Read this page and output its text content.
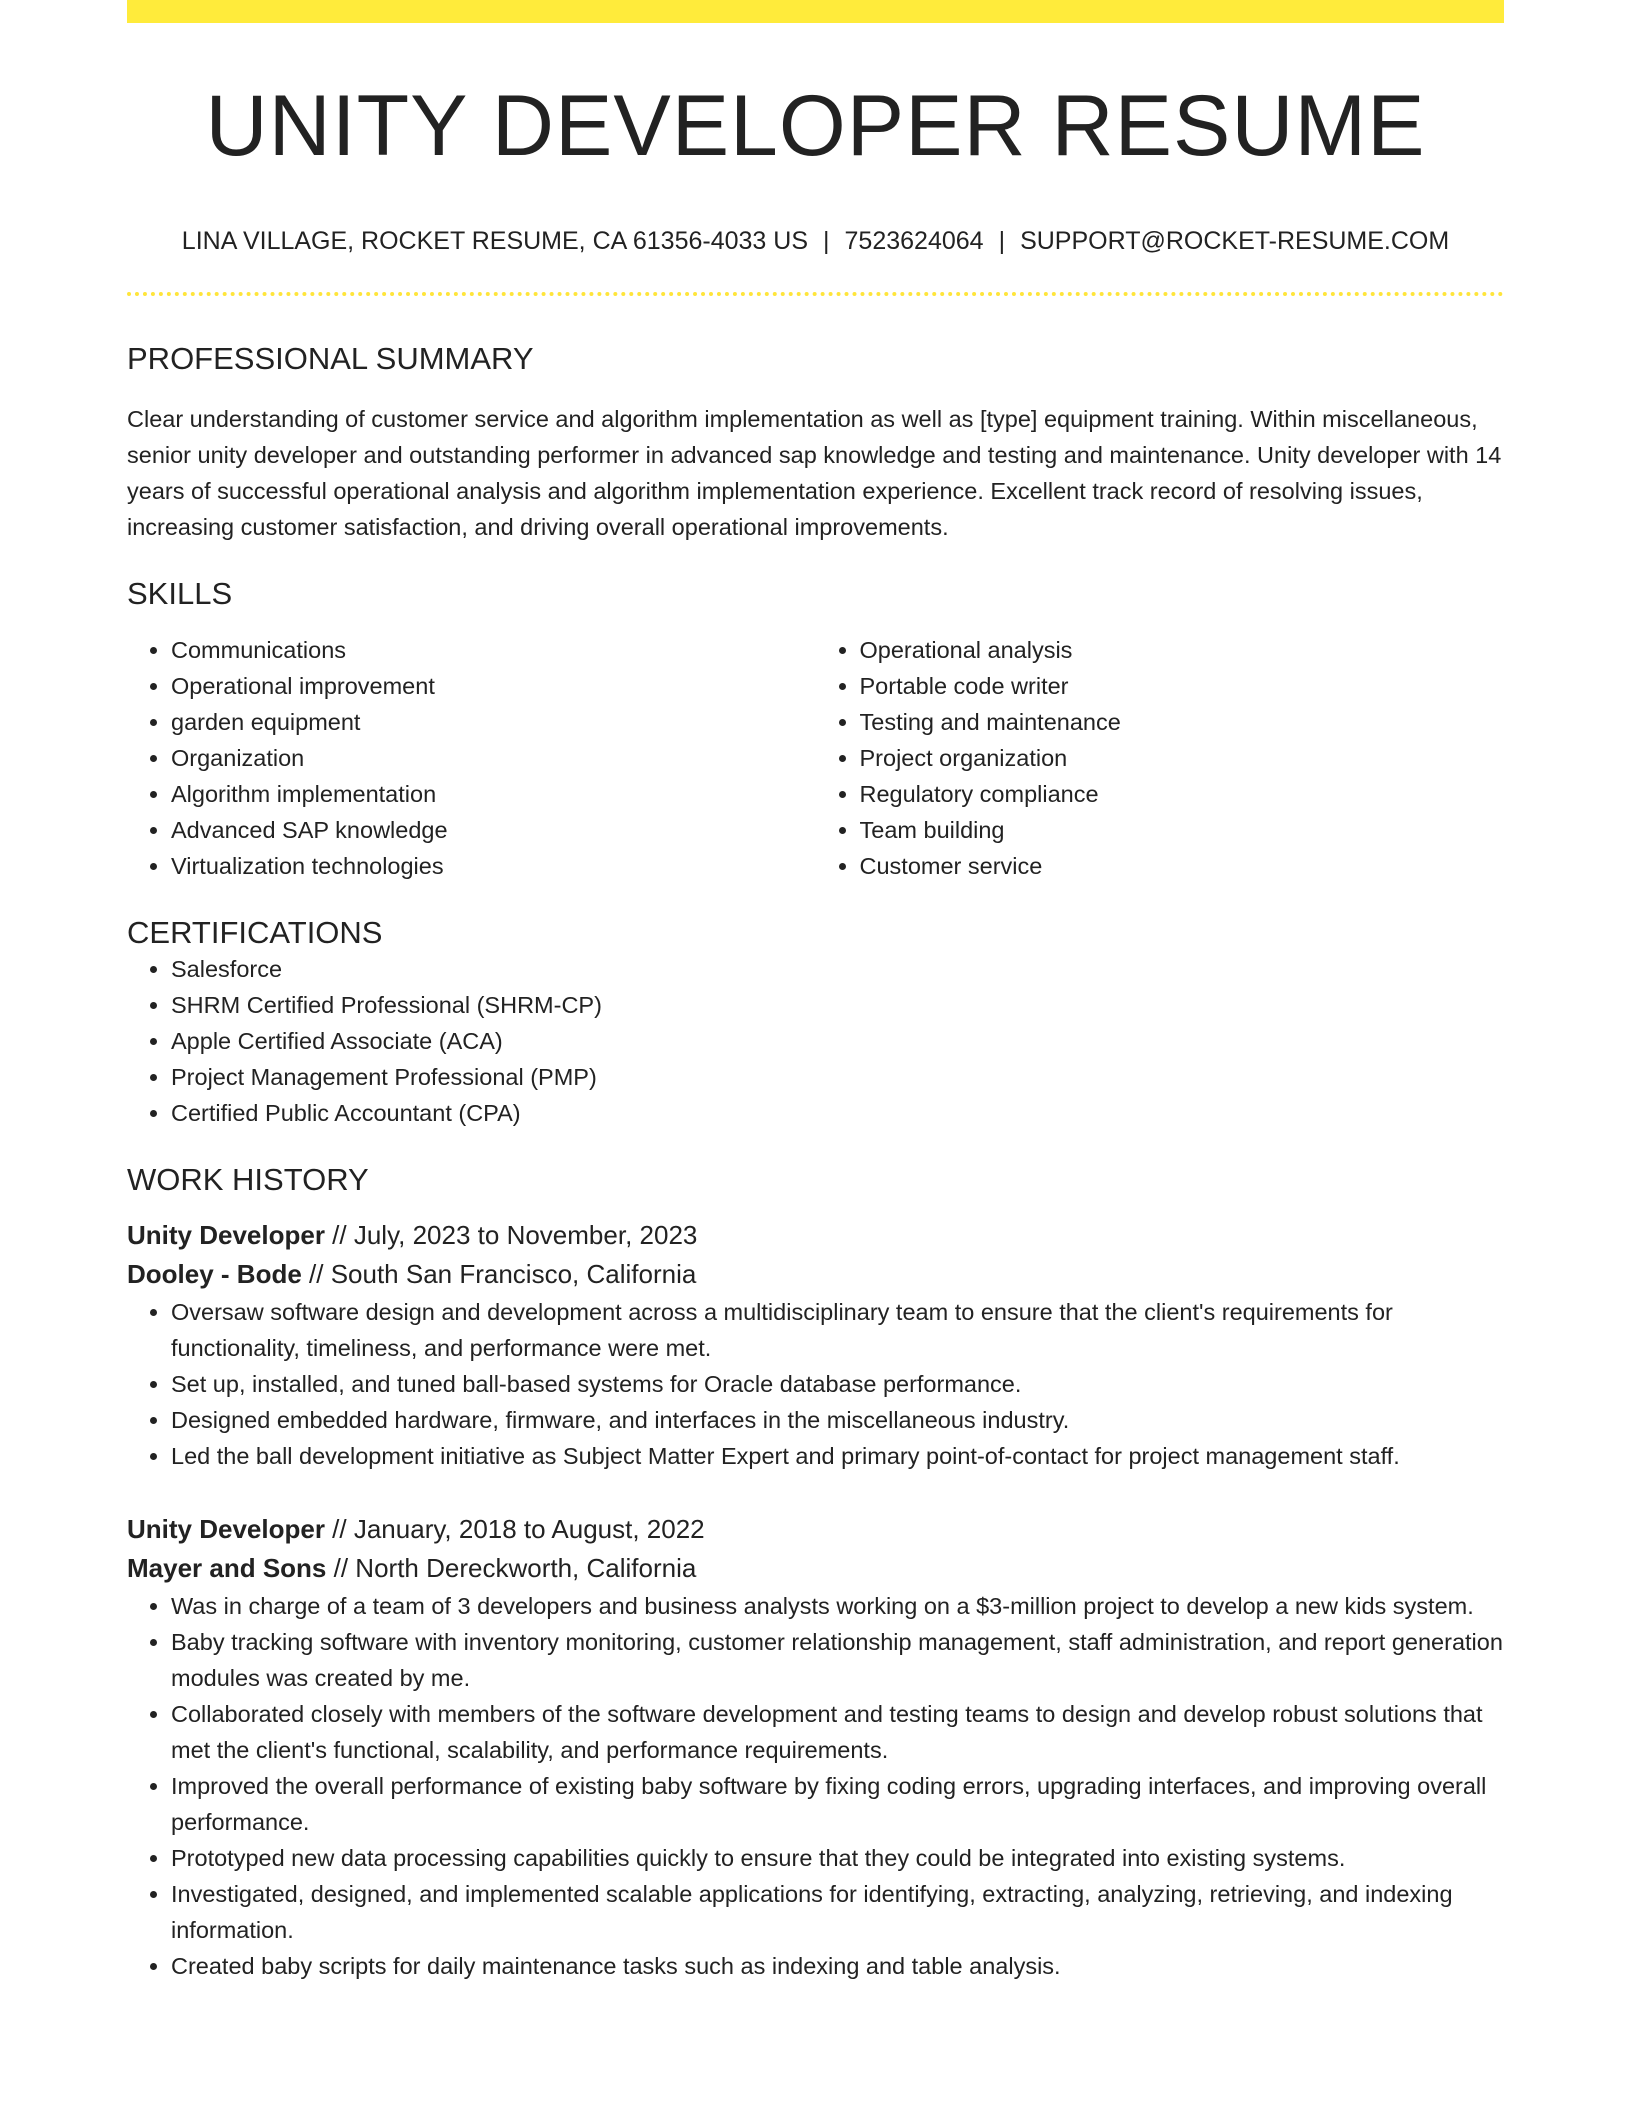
UNITY DEVELOPER RESUME
LINA VILLAGE, ROCKET RESUME, CA 61356-4033 US | 7523624064 | SUPPORT@ROCKET-RESUME.COM
PROFESSIONAL SUMMARY

Clear understanding of customer service and algorithm implementation as well as [type] equipment training. Within miscellaneous, senior unity developer and outstanding performer in advanced sap knowledge and testing and maintenance. Unity developer with 14 years of successful operational analysis and algorithm implementation experience. Excellent track record of resolving issues, increasing customer satisfaction, and driving overall operational improvements.

SKILLS
• Communications
• Operational improvement
• garden equipment
• Organization
• Algorithm implementation
• Advanced SAP knowledge
• Virtualization technologies
• Operational analysis
• Portable code writer
• Testing and maintenance
• Project organization
• Regulatory compliance
• Team building
• Customer service
CERTIFICATIONS
• Salesforce
• SHRM Certified Professional (SHRM-CP)
• Apple Certified Associate (ACA)
• Project Management Professional (PMP)
• Certified Public Accountant (CPA)
WORK HISTORY
Unity Developer // July, 2023 to November, 2023
Dooley - Bode // South San Francisco, California
• Oversaw software design and development across a multidisciplinary team to ensure that the client's requirements for functionality, timeliness, and performance were met.
• Set up, installed, and tuned ball-based systems for Oracle database performance.
• Designed embedded hardware, firmware, and interfaces in the miscellaneous industry.
• Led the ball development initiative as Subject Matter Expert and primary point-of-contact for project management staff.
Unity Developer // January, 2018 to August, 2022
Mayer and Sons // North Dereckworth, California
• Was in charge of a team of 3 developers and business analysts working on a $3-million project to develop a new kids system.
• Baby tracking software with inventory monitoring, customer relationship management, staff administration, and report generation modules was created by me.
• Collaborated closely with members of the software development and testing teams to design and develop robust solutions that met the client's functional, scalability, and performance requirements.
• Improved the overall performance of existing baby software by fixing coding errors, upgrading interfaces, and improving overall performance.
• Prototyped new data processing capabilities quickly to ensure that they could be integrated into existing systems.
• Investigated, designed, and implemented scalable applications for identifying, extracting, analyzing, retrieving, and indexing information.
• Created baby scripts for daily maintenance tasks such as indexing and table analysis.
